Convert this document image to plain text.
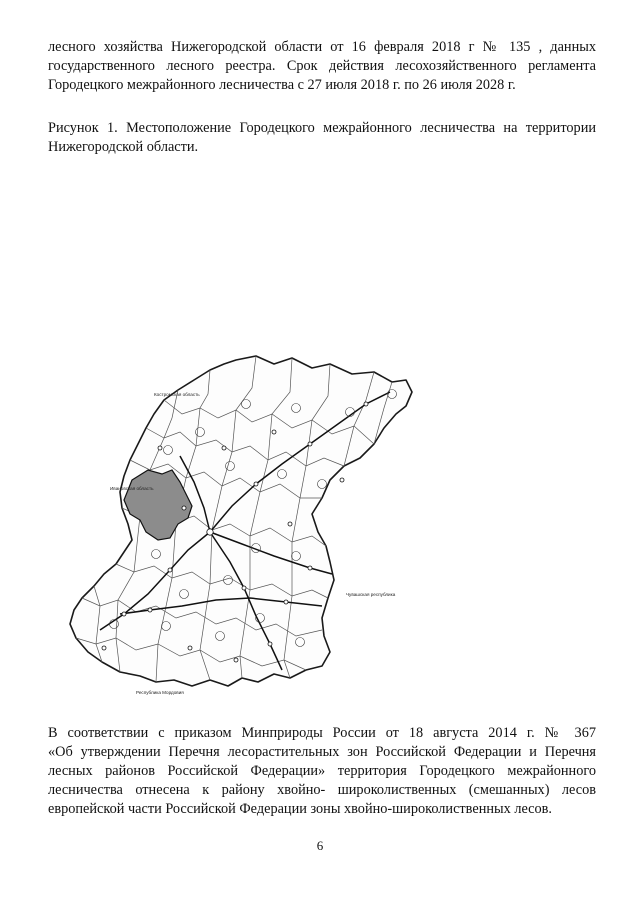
лесного хозяйства Нижегородской области от 16 февраля 2018 г № 135 , данных
государственного лесного реестра. Срок действия лесохозяйственного регламента
Городецкого межрайонного лесничества с 27 июля 2018 г. по 26 июля 2028 г.

Рисунок 1. Местоположение Городецкого межрайонного лесничества на территории
Нижегородской области.

Костромская область
Ивановская область
Чувашская республика
Республика Мордовия

В соответствии с приказом Минприроды России от 18 августа 2014 г. № 367
«Об утверждении Перечня лесорастительных зон Российской Федерации и Перечня
лесных районов Российской Федерации» территория Городецкого межрайонного
лесничества отнесена к району хвойно- широколиственных (смешанных) лесов
европейской части Российской Федерации зоны хвойно-широколиственных лесов.

6
